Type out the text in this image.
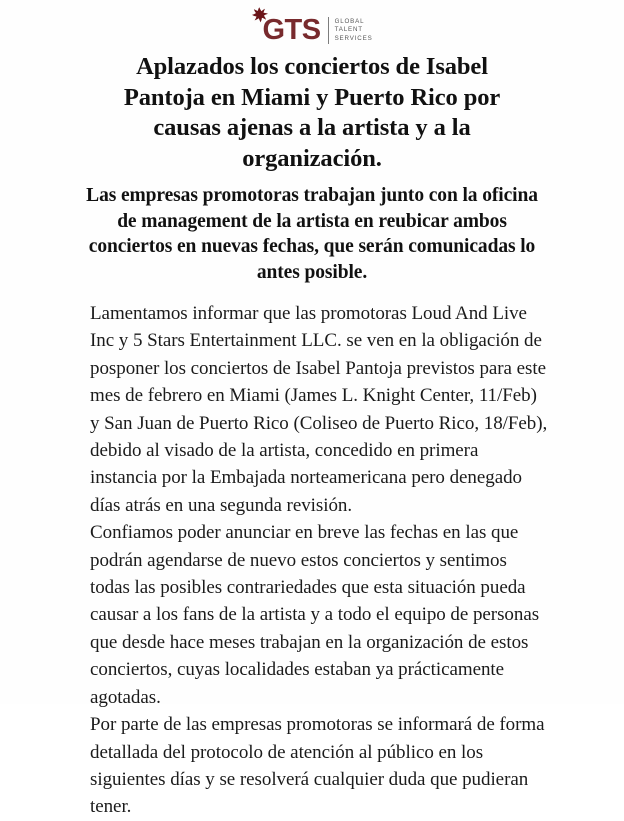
GTS GLOBAL
TALENT
SERVICES
Aplazados los conciertos de Isabel Pantoja en Miami y Puerto Rico por causas ajenas a la artista y a la organización.
Las empresas promotoras trabajan junto con la oficina de management de la artista en reubicar ambos conciertos en nuevas fechas, que serán comunicadas lo antes posible.

Lamentamos informar que las promotoras Loud And Live Inc y 5 Stars Entertainment LLC. se ven en la obligación de posponer los conciertos de Isabel Pantoja previstos para este mes de febrero en Miami (James L. Knight Center, 11/Feb) y San Juan de Puerto Rico (Coliseo de Puerto Rico, 18/Feb), debido al visado de la artista, concedido en primera instancia por la Embajada norteamericana pero denegado días atrás en una segunda revisión.

Confiamos poder anunciar en breve las fechas en las que podrán agendarse de nuevo estos conciertos y sentimos todas las posibles contrariedades que esta situación pueda causar a los fans de la artista y a todo el equipo de personas que desde hace meses trabajan en la organización de estos conciertos, cuyas localidades estaban ya prácticamente agotadas.

Por parte de las empresas promotoras se informará de forma detallada del protocolo de atención al público en los siguientes días y se resolverá cualquier duda que pudieran tener.
